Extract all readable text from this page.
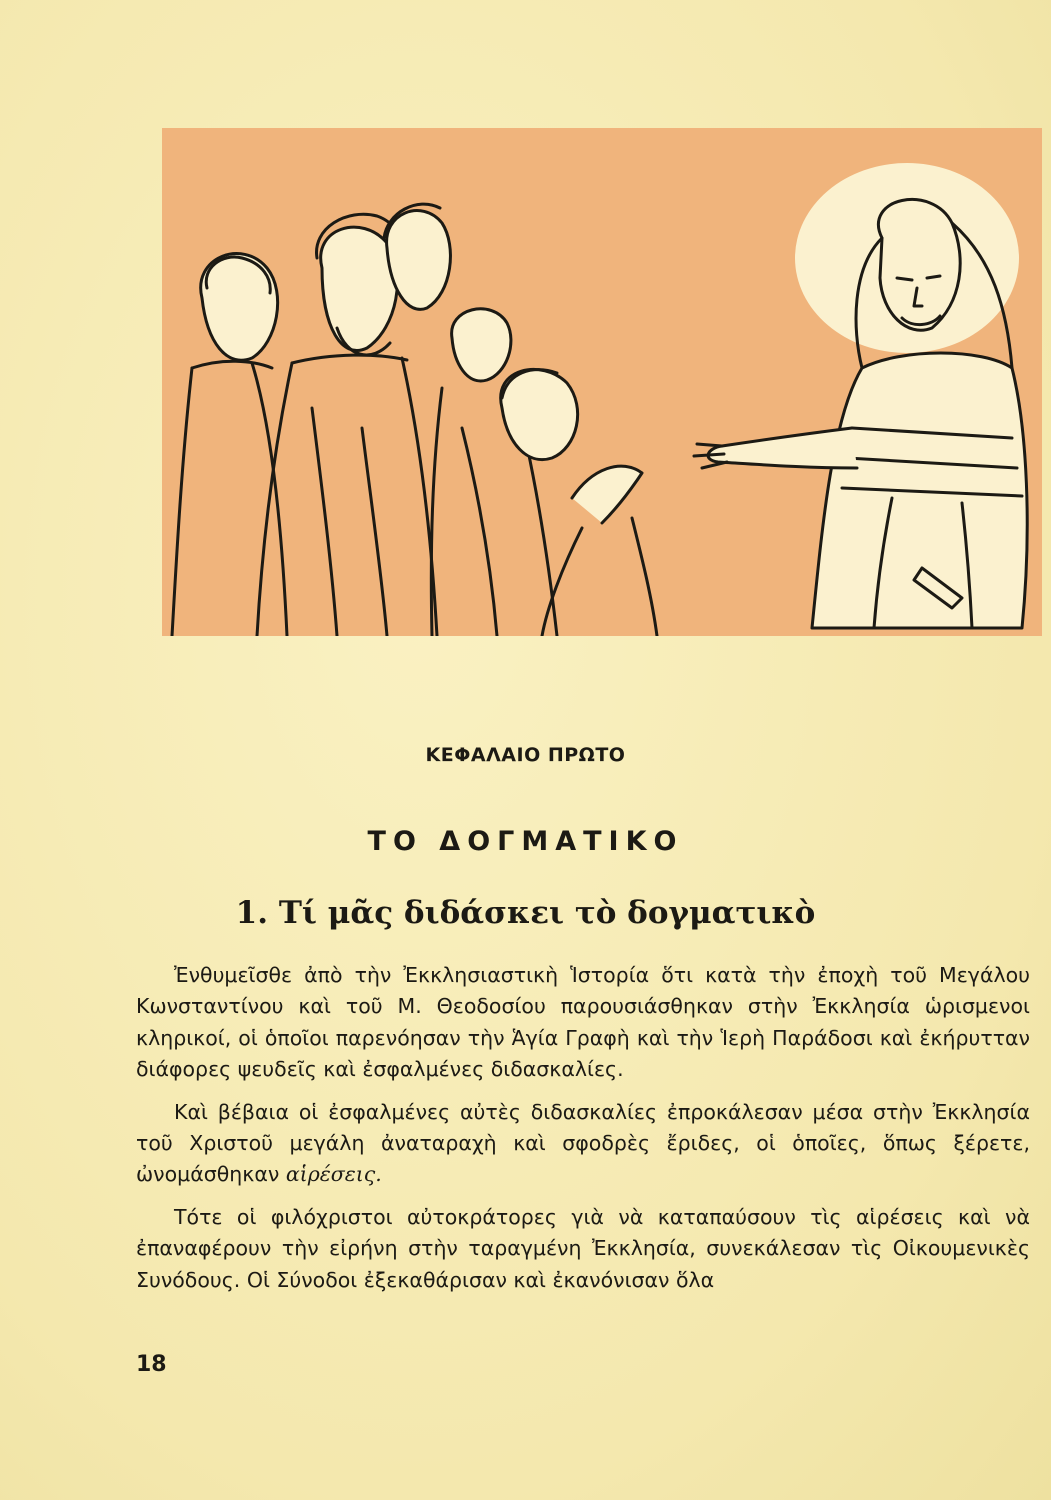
ΚΕΦΑΛΑΙΟ ΠΡΩΤΟ
ΤΟ ΔΟΓΜΑΤΙΚΟ
1. Τί μᾶς διδάσκει τὸ δογματικὸ

Ἐνθυμεῖσθε ἀπὸ τὴν Ἐκκλησιαστικὴ Ἱστορία ὅτι κατὰ τὴν ἐποχὴ τοῦ Μεγάλου Κωνσταντίνου καὶ τοῦ Μ. Θεοδοσίου παρουσιάσθηκαν στὴν Ἐκκλησία ὡρισμενοι κληρικοί, οἱ ὁποῖοι παρενόησαν τὴν Ἁγία Γραφὴ καὶ τὴν Ἱερὴ Παράδοσι καὶ ἐκήρυτταν διάφορες ψευδεῖς καὶ ἐσφαλμένες διδασκαλίες.

Καὶ βέβαια οἱ ἐσφαλμένες αὐτὲς διδασκαλίες ἐπροκάλεσαν μέσα στὴν Ἐκκλησία τοῦ Χριστοῦ μεγάλη ἀναταραχὴ καὶ σφοδρὲς ἔριδες, οἱ ὁποῖες, ὅπως ξέρετε, ὠνομάσθηκαν αἱρέσεις.

Τότε οἱ φιλόχριστοι αὐτοκράτορες γιὰ νὰ καταπαύσουν τὶς αἱρέσεις καὶ νὰ ἐπαναφέρουν τὴν εἰρήνη στὴν ταραγμένη Ἐκκλησία, συνεκάλεσαν τὶς Οἰκουμενικὲς Συνόδους. Οἱ Σύνοδοι ἐξεκαθάρισαν καὶ ἐκανόνισαν ὅλα

18
